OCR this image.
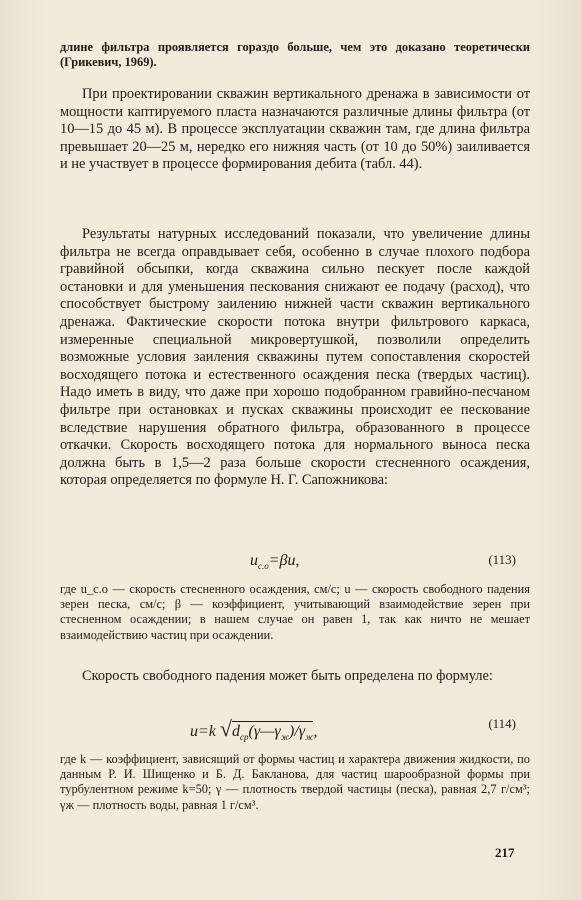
длине фильтра проявляется гораздо больше, чем это доказано теоретически (Грикевич, 1969).

При проектировании скважин вертикального дренажа в зависимости от мощности каптируемого пласта назначаются различные длины фильтра (от 10—15 до 45 м). В процессе эксплуатации скважин там, где длина фильтра превышает 20—25 м, нередко его нижняя часть (от 10 до 50%) заиливается и не участвует в процессе формирования дебита (табл. 44).

Результаты натурных исследований показали, что увеличение длины фильтра не всегда оправдывает себя, особенно в случае плохого подбора гравийной обсыпки, когда скважина сильно пескует после каждой остановки и для уменьшения пескования снижают ее подачу (расход), что способствует быстрому заилению нижней части скважин вертикального дренажа. Фактические скорости потока внутри фильтрового каркаса, измеренные специальной микровертушкой, позволили определить возможные условия заиления скважины путем сопоставления скоростей восходящего потока и естественного осаждения песка (твердых частиц). Надо иметь в виду, что даже при хорошо подобранном гравийно-песчаном фильтре при остановках и пусках скважины происходит ее пескование вследствие нарушения обратного фильтра, образованного в процессе откачки. Скорость восходящего потока для нормального выноса песка должна быть в 1,5—2 раза больше скорости стесненного осаждения, которая определяется по формуле Н. Г. Сапожникова:

$u_{с.о}=\beta u$,	(113)

где u_с.о — скорость стесненного осаждения, см/с; u — скорость свободного падения зерен песка, см/с; β — коэффициент, учитывающий взаимодействие зерен при стесненном осаждении; в нашем случае он равен 1, так как ничто не мешает взаимодействию частиц при осаждении.

Скорость свободного падения может быть определена по формуле:

u=k $√d_{ср}(\gamma—\gamma_ж)/\gamma_ж$,	(114)

где k — коэффициент, зависящий от формы частиц и характера движения жидкости, по данным Р. И. Шищенко и Б. Д. Бакланова, для частиц шарообразной формы при турбулентном режиме k=50; γ — плотность твердой частицы (песка), равная 2,7 г/см³; γж — плотность воды, равная 1 г/см³.

217
